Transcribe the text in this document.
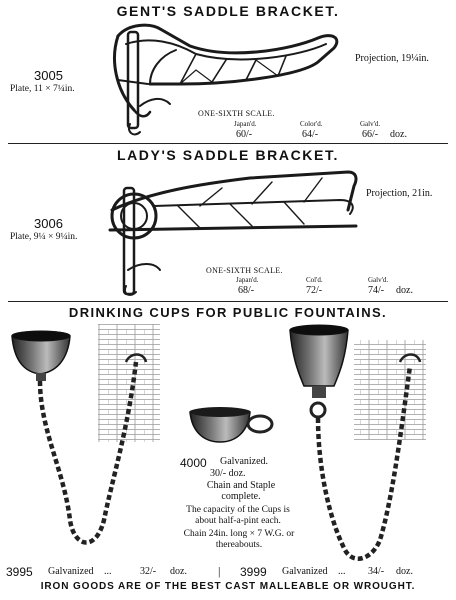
GENT'S SADDLE BRACKET.
3005
Plate, 11 × 7¼in.
Projection, 19¼in.
ONE-SIXTH SCALE.
Japan'd.	Color'd.	Galv'd.
60/-	64/-	66/- doz.
LADY'S SADDLE BRACKET.
3006
Plate, 9¼ × 9¼in.
Projection, 21in.
ONE-SIXTH SCALE.
Japan'd.	Col'd.	Galv'd.
68/-	72/-	74/- doz.
DRINKING CUPS FOR PUBLIC FOUNTAINS.
4000 Galvanized.
30/- doz.
Chain and Staple complete.
The capacity of the Cups is about half-a-pint each.
Chain 24in. long × 7 W.G. or thereabouts.
3995 Galvanized ...	32/- doz.	| 3999 Galvanized ... 34/- doz.
IRON GOODS ARE OF THE BEST CAST MALLEABLE OR WROUGHT.
